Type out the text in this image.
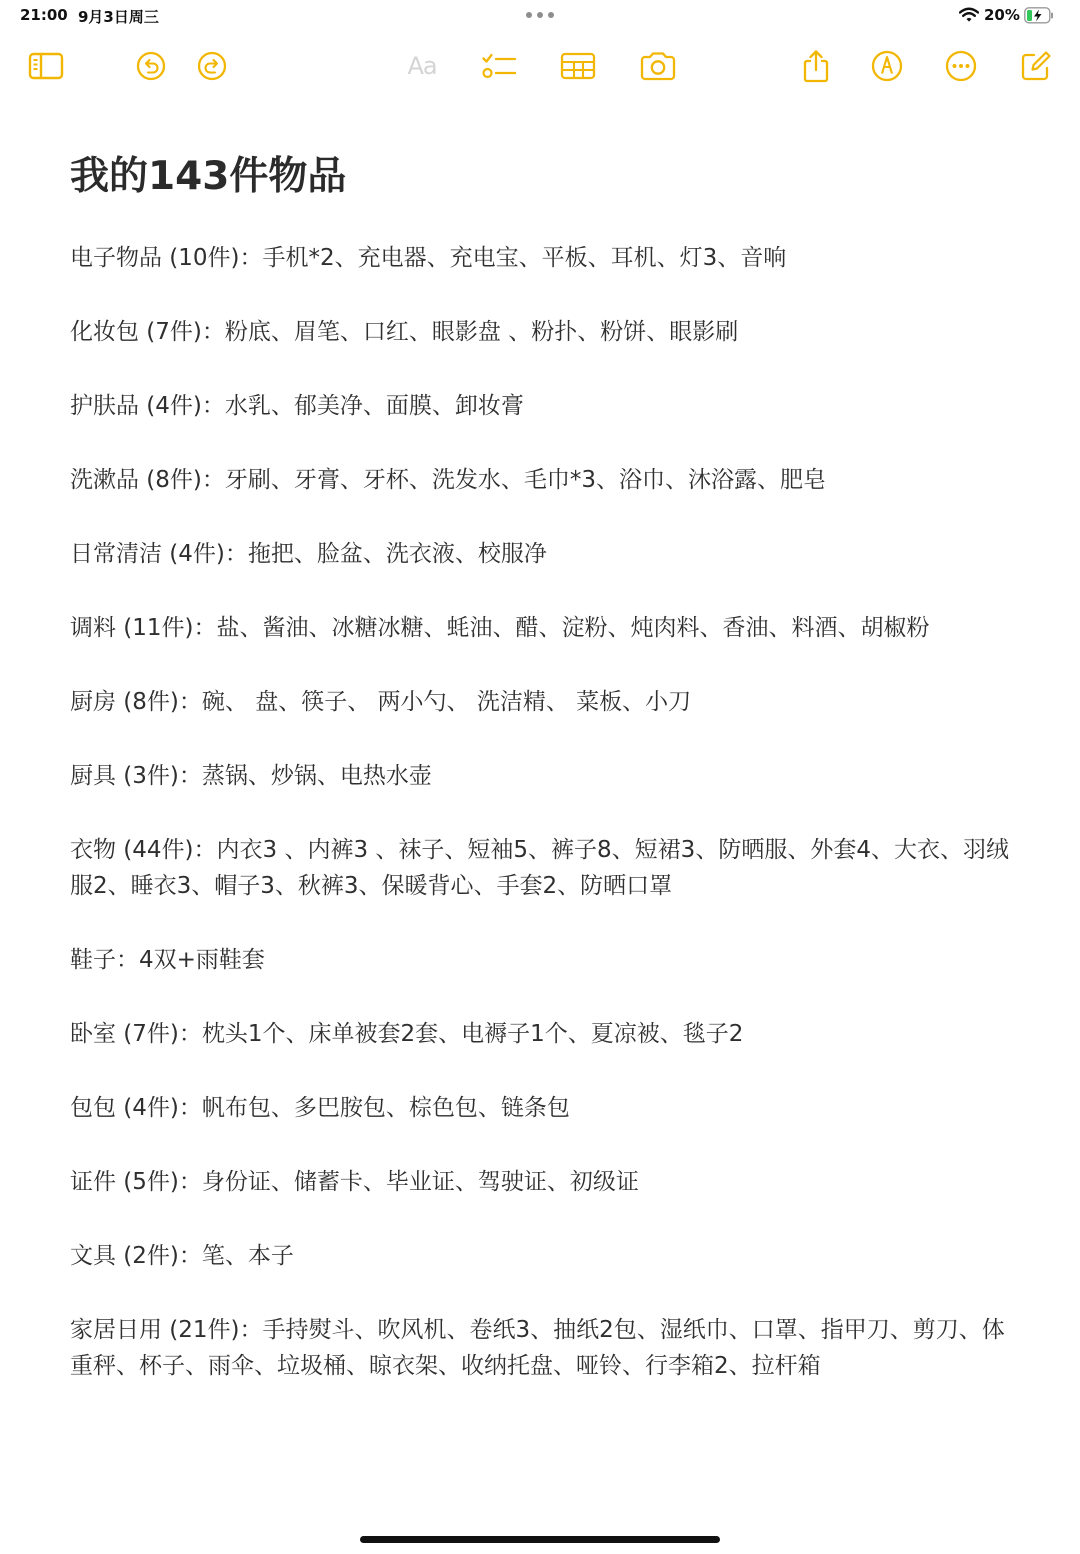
21:00 9月3日周三	20%
Aa
我的143件物品

电子物品 (10件)：手机*2、充电器、充电宝、平板、耳机、灯3、音响

化妆包 (7件)：粉底、眉笔、口红、眼影盘 、粉扑、粉饼、眼影刷

护肤品 (4件)：水乳、郁美净、面膜、卸妆膏

洗漱品 (8件)：牙刷、牙膏、牙杯、洗发水、毛巾*3、浴巾、沐浴露、肥皂

日常清洁 (4件)：拖把、脸盆、洗衣液、校服净

调料 (11件)：盐、酱油、冰糖冰糖、蚝油、醋、淀粉、炖肉料、香油、料酒、胡椒粉

厨房 (8件)：碗、 盘、筷子、 两小勺、 洗洁精、 菜板、小刀

厨具 (3件)：蒸锅、炒锅、电热水壶

衣物 (44件)：内衣3 、内裤3 、袜子、短袖5、裤子8、短裙3、防晒服、外套4、大衣、羽绒服2、睡衣3、帽子3、秋裤3、保暖背心、手套2、防晒口罩

鞋子：4双+雨鞋套

卧室 (7件)：枕头1个、床单被套2套、电褥子1个、夏凉被、毯子2

包包 (4件)：帆布包、多巴胺包、棕色包、链条包

证件 (5件)：身份证、储蓄卡、毕业证、驾驶证、初级证

文具 (2件)：笔、本子

家居日用 (21件)：手持熨斗、吹风机、卷纸3、抽纸2包、湿纸巾、口罩、指甲刀、剪刀、体重秤、杯子、雨伞、垃圾桶、晾衣架、收纳托盘、哑铃、行李箱2、拉杆箱
